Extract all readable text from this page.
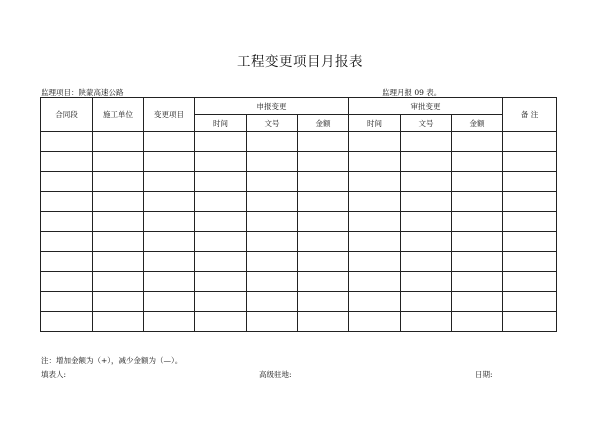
工程变更项目月报表
监理项目：陕蒙高速公路	监理月报 09 表。
合同段	施工单位	变更项目	申报变更			审批变更			备 注
			时间	文号	金额	时间	文号	金额	

注：增加金额为（+），减少金额为（—）。
填表人:	高级驻地:	日期:
